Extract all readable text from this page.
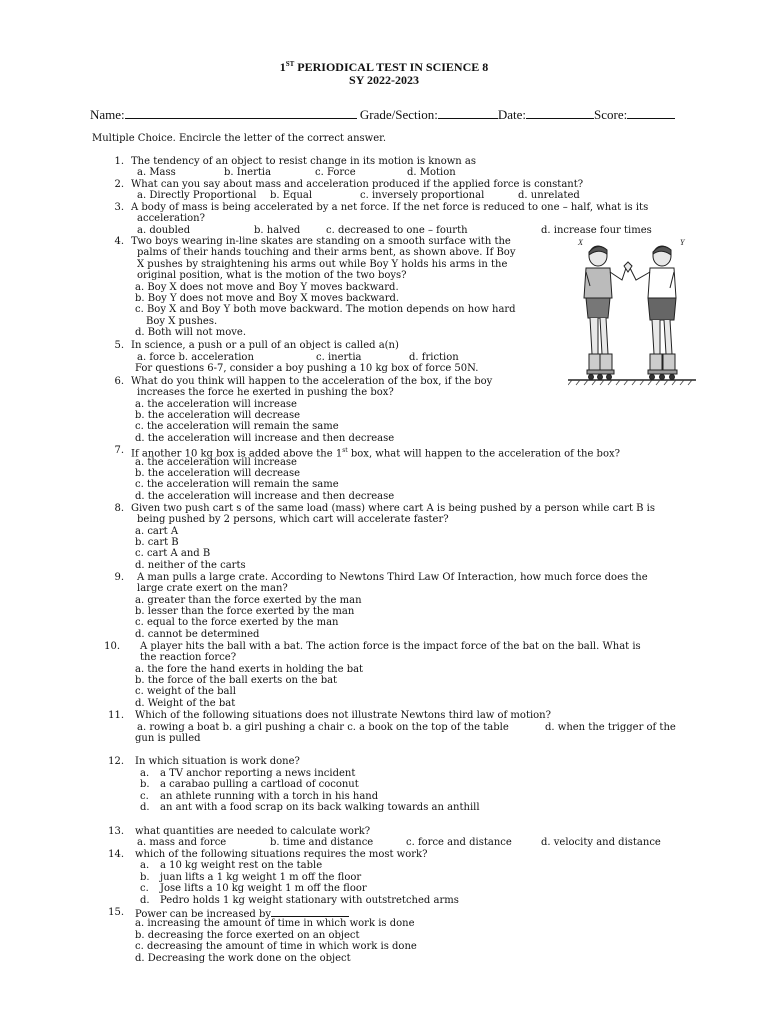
1ST PERIODICAL TEST IN SCIENCE 8
SY 2022-2023
Name:	Grade/Section:	Date:	Score:
Multiple Choice. Encircle the letter of the correct answer.
1. The tendency of an object to resist change in its motion is known as
a. Mass	b. Inertia	c. Force	d. Motion
2. What can you say about mass and acceleration produced if the applied force is constant?
a. Directly Proportional b. Equal	c. inversely proportional	d. unrelated
3. A body of mass is being accelerated by a net force. If the net force is reduced to one – half, what is its
acceleration?
a. doubled	b. halved	c. decreased to one – fourth	d. increase four times
4. Two boys wearing in-line skates are standing on a smooth surface with the
palms of their hands touching and their arms bent, as shown above. If Boy
X pushes by straightening his arms out while Boy Y holds his arms in the
original position, what is the motion of the two boys?
a. Boy X does not move and Boy Y moves backward.
b. Boy Y does not move and Boy X moves backward.
c. Boy X and Boy Y both move backward. The motion depends on how hard
Boy X pushes.
d. Both will not move.
X	Y
5. In science, a push or a pull of an object is called a(n)
a. force b. acceleration	c. inertia	d. friction
For questions 6-7, consider a boy pushing a 10 kg box of force 50N.
6. What do you think will happen to the acceleration of the box, if the boy
increases the force he exerted in pushing the box?
a. the acceleration will increase
b. the acceleration will decrease
c. the acceleration will remain the same
d. the acceleration will increase and then decrease
7. If another 10 kg box is added above the 1st box, what will happen to the acceleration of the box?
a. the acceleration will increase
b. the acceleration will decrease
c. the acceleration will remain the same
d. the acceleration will increase and then decrease
8. Given two push cart s of the same load (mass) where cart A is being pushed by a person while cart B is
being pushed by 2 persons, which cart will accelerate faster?
a. cart A
b. cart B
c. cart A and B
d. neither of the carts
9. A man pulls a large crate. According to Newtons Third Law Of Interaction, how much force does the
large crate exert on the man?
a. greater than the force exerted by the man
b. lesser than the force exerted by the man
c. equal to the force exerted by the man
d. cannot be determined
10. A player hits the ball with a bat. The action force is the impact force of the bat on the ball. What is
the reaction force?
a. the fore the hand exerts in holding the bat
b. the force of the ball exerts on the bat
c. weight of the ball
d. Weight of the bat
11. Which of the following situations does not illustrate Newtons third law of motion?
a. rowing a boat b. a girl pushing a chair c. a book on the top of the table	d. when the trigger of the
gun is pulled
12. In which situation is work done?
a. a TV anchor reporting a news incident
b. a carabao pulling a cartload of coconut
c. an athlete running with a torch in his hand
d. an ant with a food scrap on its back walking towards an anthill
13. what quantities are needed to calculate work?
a. mass and force	b. time and distance	c. force and distance	d. velocity and distance
14. which of the following situations requires the most work?
a. a 10 kg weight rest on the table
b. juan lifts a 1 kg weight 1 m off the floor
c. Jose lifts a 10 kg weight 1 m off the floor
d. Pedro holds 1 kg weight stationary with outstretched arms
15. Power can be increased by
a. increasing the amount of time in which work is done
b. decreasing the force exerted on an object
c. decreasing the amount of time in which work is done
d. Decreasing the work done on the object
